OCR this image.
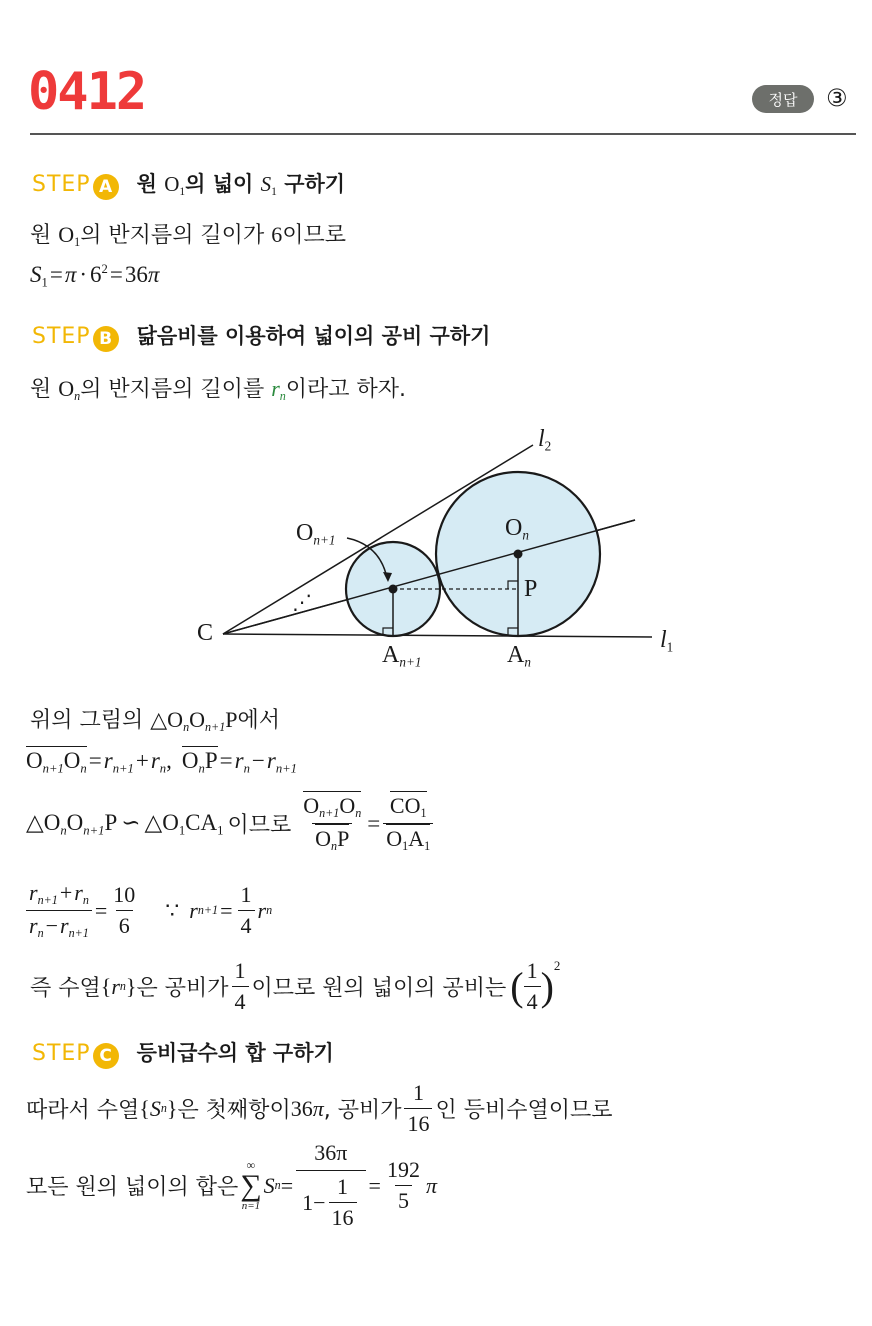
0412	정답 ③
STEP A 원 $O_1$의 넓이 $S_1$ 구하기
원 $O_1$의 반지름의 길이가 6이므로
$S_1=\pi \cdot 6^2=36\pi$
STEP B 닮음비를 이용하여 넓이의 공비 구하기
원 $O_n$의 반지름의 길이를 $r_n$이라고 하자.
$l_2$
$l_1$
C
$O_n$
$O_{n+1}$
P
$A_n$
$A_{n+1}$
⋰
위의 그림의 $\triangle O_nO_{n+1}P$에서
$O_{n+1}O_n=r_{n+1}+r_n$, $O_nP=r_n-r_{n+1}$
$\triangle O_nO_{n+1}P$ ∽ $\triangle O_1CA_1$ 이므로 $\frac{O_{n+1}O_n}{O_nP} = \frac{CO_1}{O_1A_1}$
$\frac{r_{n+1}+r_n}{r_n-r_{n+1}} = \frac{10}{6}$ ∵ r $n+1 = \frac{1}{4}$ r n
즉 수열 { r n } 은 공비가 $\frac{1}{4}$ 이므로 원의 넓이의 공비는 ( $\frac{1}{4}$ ) 2
STEP C 등비급수의 합 구하기
따라서 수열 { S n } 은 첫째항이 36 π , 공비가 $\frac{1}{16}$ 인 등비수열이므로
모든 원의 넓이의 합은
∞
∑
n=1
S $n = \frac{36\pi}{1- \frac{1}{16}} = \frac{192}{5}$ π
